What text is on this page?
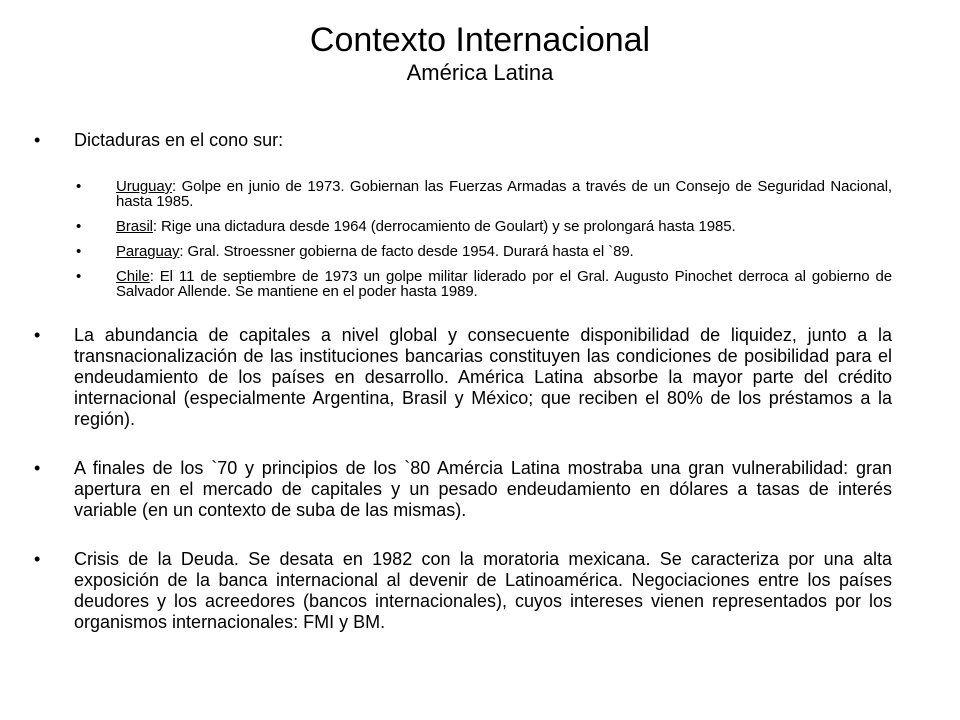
Contexto Internacional
América Latina
• Dictaduras en el cono sur:
• Uruguay: Golpe en junio de 1973. Gobiernan las Fuerzas Armadas a través de un Consejo de Seguridad Nacional, hasta 1985.
• Brasil: Rige una dictadura desde 1964 (derrocamiento de Goulart) y se prolongará hasta 1985.
• Paraguay: Gral. Stroessner gobierna de facto desde 1954. Durará hasta el `89.
• Chile: El 11 de septiembre de 1973 un golpe militar liderado por el Gral. Augusto Pinochet derroca al gobierno de Salvador Allende. Se mantiene en el poder hasta 1989.
• La abundancia de capitales a nivel global y consecuente disponibilidad de liquidez, junto a la transnacionalización de las instituciones bancarias constituyen las condiciones de posibilidad para el endeudamiento de los países en desarrollo. América Latina absorbe la mayor parte del crédito internacional (especialmente Argentina, Brasil y México; que reciben el 80% de los préstamos a la región).
• A finales de los `70 y principios de los `80 Amércia Latina mostraba una gran vulnerabilidad: gran apertura en el mercado de capitales y un pesado endeudamiento en dólares a tasas de interés variable (en un contexto de suba de las mismas).
• Crisis de la Deuda. Se desata en 1982 con la moratoria mexicana. Se caracteriza por una alta exposición de la banca internacional al devenir de Latinoamérica. Negociaciones entre los países deudores y los acreedores (bancos internacionales), cuyos intereses vienen representados por los organismos internacionales: FMI y BM.
